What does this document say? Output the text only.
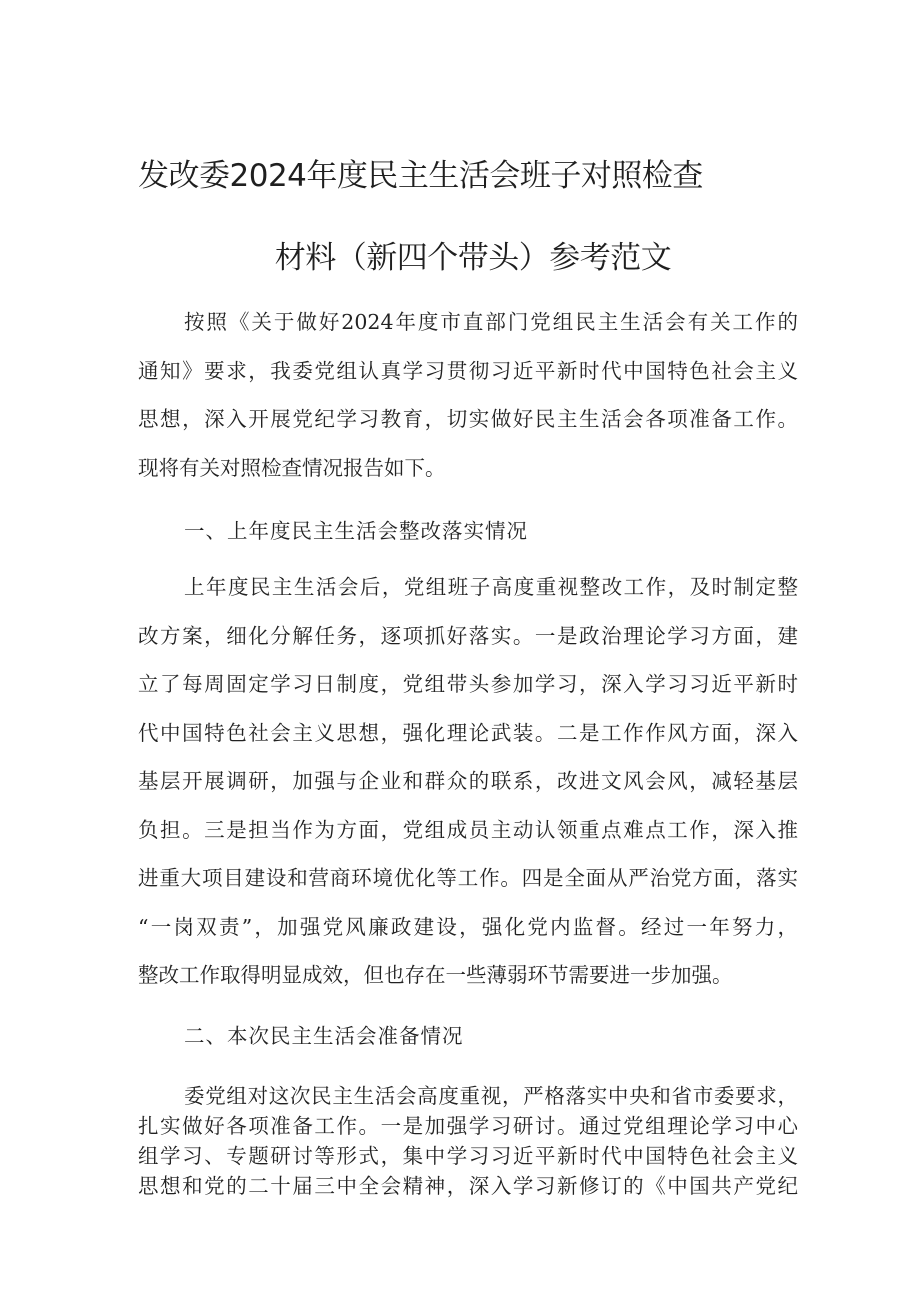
发改委2024年度民主生活会班子对照检查
材料（新四个带头）参考范文
按照《关于做好2024年度市直部门党组民主生活会有关工作的
通知》要求，我委党组认真学习贯彻习近平新时代中国特色社会主义
思想，深入开展党纪学习教育，切实做好民主生活会各项准备工作。
现将有关对照检查情况报告如下。
一、上年度民主生活会整改落实情况
上年度民主生活会后，党组班子高度重视整改工作，及时制定整
改方案，细化分解任务，逐项抓好落实。一是政治理论学习方面，建
立了每周固定学习日制度，党组带头参加学习，深入学习习近平新时
代中国特色社会主义思想，强化理论武装。二是工作作风方面，深入
基层开展调研，加强与企业和群众的联系，改进文风会风，减轻基层
负担。三是担当作为方面，党组成员主动认领重点难点工作，深入推
进重大项目建设和营商环境优化等工作。四是全面从严治党方面，落实
“一岗双责”，加强党风廉政建设，强化党内监督。经过一年努力，
整改工作取得明显成效，但也存在一些薄弱环节需要进一步加强。
二、本次民主生活会准备情况
委党组对这次民主生活会高度重视，严格落实中央和省市委要求，
扎实做好各项准备工作。一是加强学习研讨。通过党组理论学习中心
组学习、专题研讨等形式，集中学习习近平新时代中国特色社会主义
思想和党的二十届三中全会精神，深入学习新修订的《中国共产党纪
